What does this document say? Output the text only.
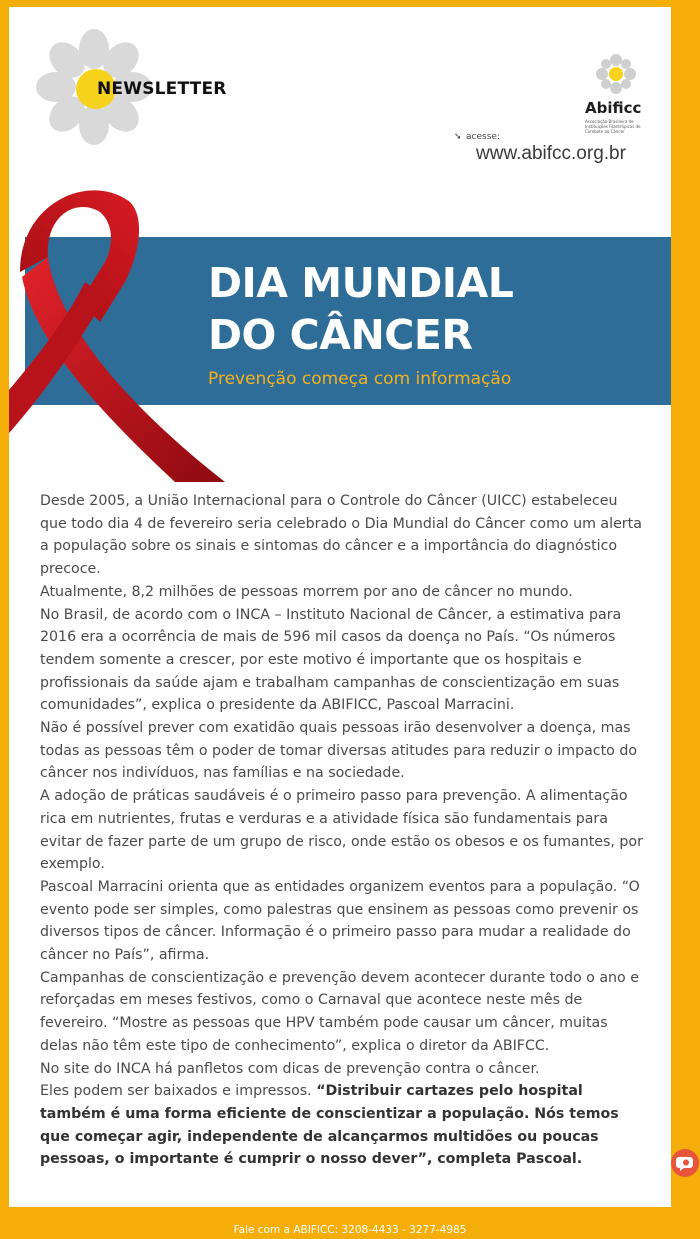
NEWSLETTER
Abificc
Associação Brasileira de Instituições Filantrópicas de Combate ao Câncer
➘ acesse:
www.abifcc.org.br
DIA MUNDIAL
DO CÂNCER
Prevenção começa com informação

Desde 2005, a União Internacional para o Controle do Câncer (UICC) estabeleceu que todo dia 4 de fevereiro seria celebrado o Dia Mundial do Câncer como um alerta a população sobre os sinais e sintomas do câncer e a importância do diagnóstico precoce.

Atualmente, 8,2 milhões de pessoas morrem por ano de câncer no mundo.

No Brasil, de acordo com o INCA – Instituto Nacional de Câncer, a estimativa para 2016 era a ocorrência de mais de 596 mil casos da doença no País. “Os números tendem somente a crescer, por este motivo é importante que os hospitais e profissionais da saúde ajam e trabalham campanhas de conscientização em suas comunidades”, explica o presidente da ABIFICC, Pascoal Marracini.

Não é possível prever com exatidão quais pessoas irão desenvolver a doença, mas todas as pessoas têm o poder de tomar diversas atitudes para reduzir o impacto do câncer nos indivíduos, nas famílias e na sociedade.

A adoção de práticas saudáveis é o primeiro passo para prevenção. A alimentação rica em nutrientes, frutas e verduras e a atividade física são fundamentais para evitar de fazer parte de um grupo de risco, onde estão os obesos e os fumantes, por exemplo.

Pascoal Marracini orienta que as entidades organizem eventos para a população. “O evento pode ser simples, como palestras que ensinem as pessoas como prevenir os diversos tipos de câncer. Informação é o primeiro passo para mudar a realidade do câncer no País”, afirma.

Campanhas de conscientização e prevenção devem acontecer durante todo o ano e reforçadas em meses festivos, como o Carnaval que acontece neste mês de fevereiro. “Mostre as pessoas que HPV também pode causar um câncer, muitas delas não têm este tipo de conhecimento”, explica o diretor da ABIFCC.

No site do INCA há panfletos com dicas de prevenção contra o câncer.

Eles podem ser baixados e impressos. “Distribuir cartazes pelo hospital também é uma forma eficiente de conscientizar a população. Nós temos que começar agir, independente de alcançarmos multidões ou poucas pessoas, o importante é cumprir o nosso dever”, completa Pascoal.

Fale com a ABIFICC: 3208-4433 - 3277-4985
